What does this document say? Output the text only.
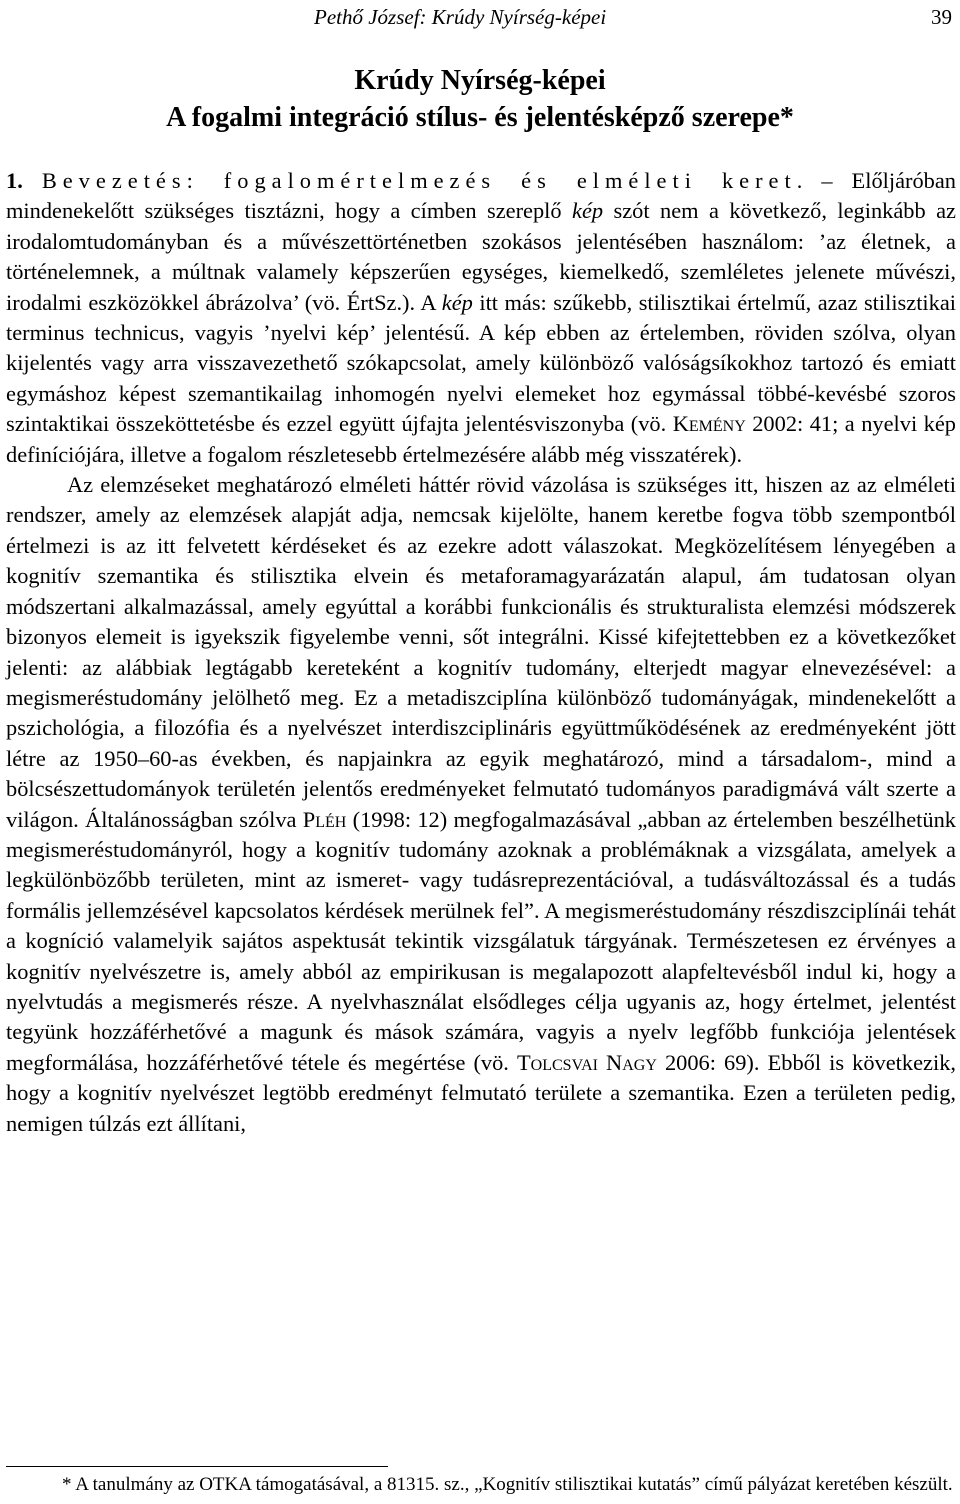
Pethő József: Krúdy Nyírség-képei	39
Krúdy Nyírség-képei
A fogalmi integráció stílus- és jelentésképző szerepe*

1. Bevezetés: fogalomértelmezés és elméleti keret. – Előljáróban mindenekelőtt szükséges tisztázni, hogy a címben szereplő kép szót nem a következő, leginkább az irodalomtudományban és a művészettörténetben szokásos jelentésében használom: ’az életnek, a történelemnek, a múltnak valamely képszerűen egységes, kiemelkedő, szemléletes jelenete művészi, irodalmi eszközökkel ábrázolva’ (vö. ÉrtSz.). A kép itt más: szűkebb, stilisztikai értelmű, azaz stilisztikai terminus technicus, vagyis ’nyelvi kép’ jelentésű. A kép ebben az értelemben, röviden szólva, olyan kijelentés vagy arra visszavezethető szókapcsolat, amely különböző valóságsíkokhoz tartozó és emiatt egymáshoz képest szemantikailag inhomogén nyelvi elemeket hoz egymással többé-kevésbé szoros szintaktikai összeköttetésbe és ezzel együtt újfajta jelentésviszonyba (vö. Kemény 2002: 41; a nyelvi kép definíciójára, illetve a fogalom részletesebb értelmezésére alább még visszatérek).

Az elemzéseket meghatározó elméleti háttér rövid vázolása is szükséges itt, hiszen az az elméleti rendszer, amely az elemzések alapját adja, nemcsak kijelölte, hanem keretbe fogva több szempontból értelmezi is az itt felvetett kérdéseket és az ezekre adott válaszokat. Megközelítésem lényegében a kognitív szemantika és stilisztika elvein és metaforamagyarázatán alapul, ám tudatosan olyan módszertani alkalmazással, amely egyúttal a korábbi funkcionális és strukturalista elemzési módszerek bizonyos elemeit is igyekszik figyelembe venni, sőt integrálni. Kissé kifejtettebben ez a következőket jelenti: az alábbiak legtágabb kereteként a kognitív tudomány, elterjedt magyar elnevezésével: a megismeréstudomány jelölhető meg. Ez a metadiszciplína különböző tudományágak, mindenekelőtt a pszichológia, a filozófia és a nyelvészet interdiszciplináris együttműködésének az eredményeként jött létre az 1950–60-as években, és napjainkra az egyik meghatározó, mind a társadalom-, mind a bölcsészettudományok területén jelentős eredményeket felmutató tudományos paradigmává vált szerte a világon. Általánosságban szólva Pléh (1998: 12) megfogalmazásával „abban az értelemben beszélhetünk megismeréstudományról, hogy a kognitív tudomány azoknak a problémáknak a vizsgálata, amelyek a legkülönbözőbb területen, mint az ismeret- vagy tudásreprezentációval, a tudásváltozással és a tudás formális jellemzésével kapcsolatos kérdések merülnek fel”. A megismeréstudomány részdiszciplínái tehát a kogníció valamelyik sajátos aspektusát tekintik vizsgálatuk tárgyának. Természetesen ez érvényes a kognitív nyelvészetre is, amely abból az empirikusan is megalapozott alapfeltevésből indul ki, hogy a nyelvtudás a megismerés része. A nyelvhasználat elsődleges célja ugyanis az, hogy értelmet, jelentést tegyünk hozzáférhetővé a magunk és mások számára, vagyis a nyelv legfőbb funkciója jelentések megformálása, hozzáférhetővé tétele és megértése (vö. Tolcsvai Nagy 2006: 69). Ebből is következik, hogy a kognitív nyelvészet legtöbb eredményt felmutató területe a szemantika. Ezen a területen pedig, nemigen túlzás ezt állítani,

* A tanulmány az OTKA támogatásával, a 81315. sz., „Kognitív stilisztikai kutatás” című pályázat keretében készült.
